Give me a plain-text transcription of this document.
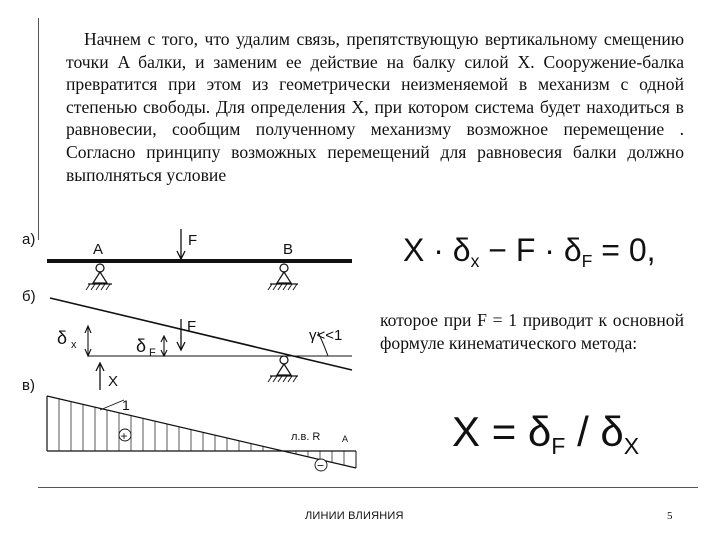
Начнем с того, что удалим связь, препятствующую вертикальному смещению точки A балки, и заменим ее действие на балку силой X. Сооружение-балка превратится при этом из геометрически неизменяемой в механизм с одной степенью свободы. Для определения X, при котором система будет находиться в равновесии, сообщим полученному механизму возможное перемещение . Согласно принципу возможных перемещений для равновесия балки должно выполняться условие
а)
б)
в)
A	B
F
δ x	δ F
F
γ<<1
X
1
+
−
л.в. R A
$X \cdot \delta_x - F \cdot \delta_F = 0$,
которое при F = 1 приводит к основной формуле кинематического метода:
$X = \delta_F / \delta_X$
ЛИНИИ ВЛИЯНИЯ	5
